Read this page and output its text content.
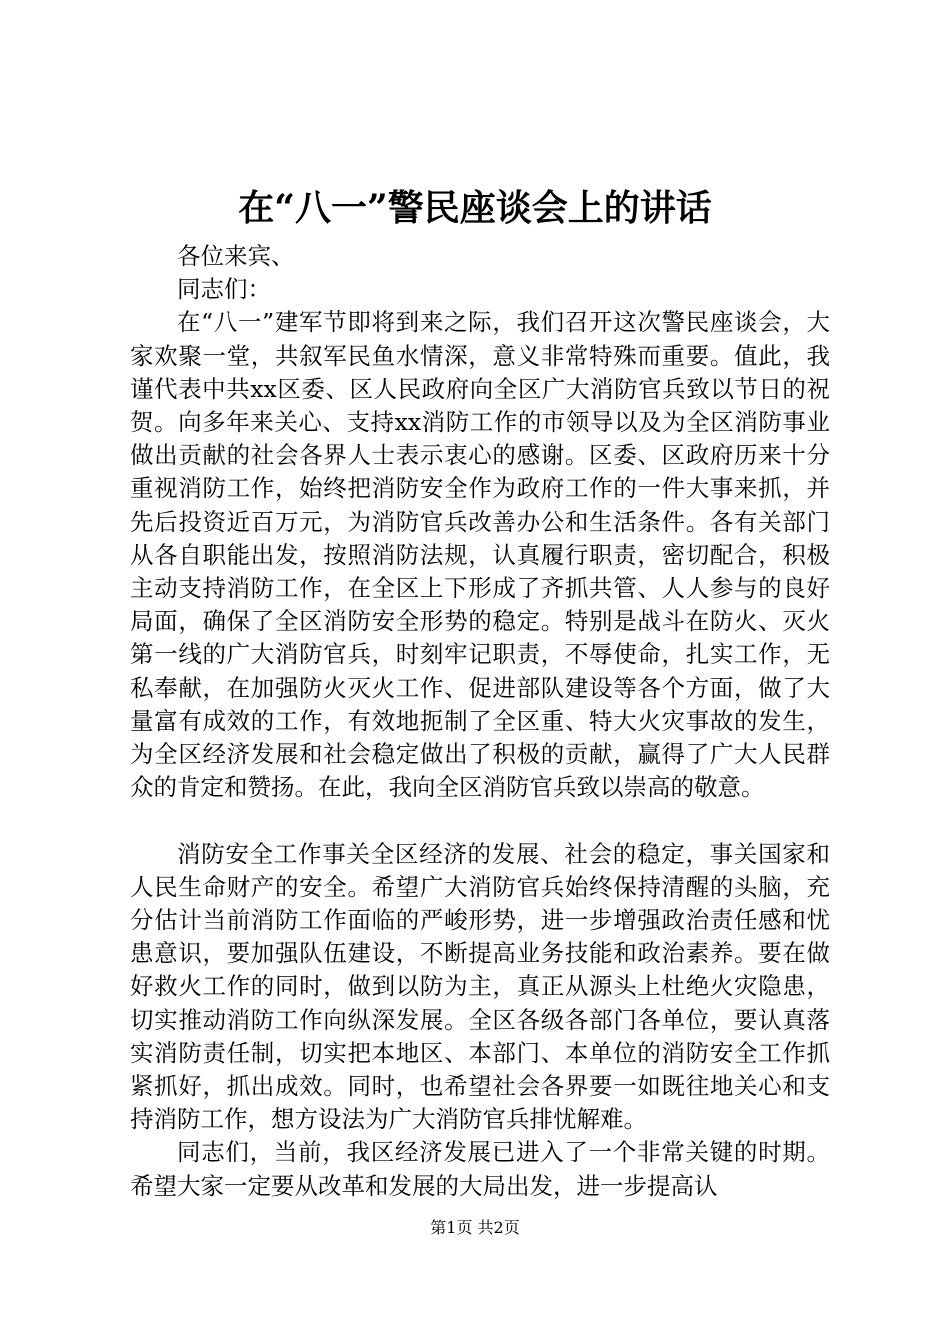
在“八一”警民座谈会上的讲话

各位来宾、

同志们：

在“八一”建军节即将到来之际，我们召开这次警民座谈会，大家欢聚一堂，共叙军民鱼水情深，意义非常特殊而重要。值此，我谨代表中共xx区委、区人民政府向全区广大消防官兵致以节日的祝贺。向多年来关心、支持xx消防工作的市领导以及为全区消防事业做出贡献的社会各界人士表示衷心的感谢。区委、区政府历来十分重视消防工作，始终把消防安全作为政府工作的一件大事来抓，并先后投资近百万元，为消防官兵改善办公和生活条件。各有关部门从各自职能出发，按照消防法规，认真履行职责，密切配合，积极主动支持消防工作，在全区上下形成了齐抓共管、人人参与的良好局面，确保了全区消防安全形势的稳定。特别是战斗在防火、灭火第一线的广大消防官兵，时刻牢记职责，不辱使命，扎实工作，无私奉献，在加强防火灭火工作、促进部队建设等各个方面，做了大量富有成效的工作，有效地扼制了全区重、特大火灾事故的发生，为全区经济发展和社会稳定做出了积极的贡献，赢得了广大人民群众的肯定和赞扬。在此，我向全区消防官兵致以崇高的敬意。

消防安全工作事关全区经济的发展、社会的稳定，事关国家和人民生命财产的安全。希望广大消防官兵始终保持清醒的头脑，充分估计当前消防工作面临的严峻形势，进一步增强政治责任感和忧患意识，要加强队伍建设，不断提高业务技能和政治素养。要在做好救火工作的同时，做到以防为主，真正从源头上杜绝火灾隐患，切实推动消防工作向纵深发展。全区各级各部门各单位，要认真落实消防责任制，切实把本地区、本部门、本单位的消防安全工作抓紧抓好，抓出成效。同时，也希望社会各界要一如既往地关心和支持消防工作，想方设法为广大消防官兵排忧解难。

同志们，当前，我区经济发展已进入了一个非常关键的时期。希望大家一定要从改革和发展的大局出发，进一步提高认

第1页 共2页
